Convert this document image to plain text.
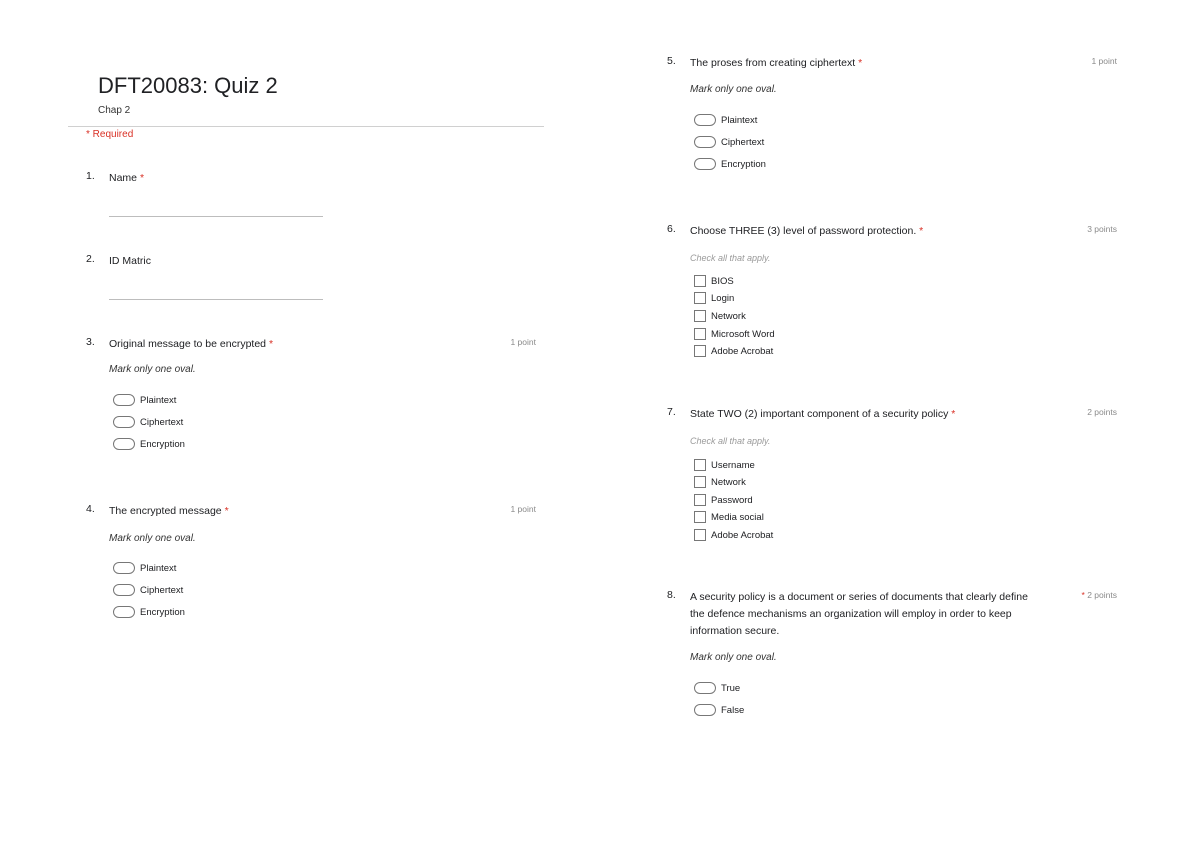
DFT20083: Quiz 2
Chap 2
* Required
1. Name *
2. ID Matric
3. Original message to be encrypted *	1 point
Mark only one oval.
Plaintext
Ciphertext
Encryption
4. The encrypted message *	1 point
Mark only one oval.
Plaintext
Ciphertext
Encryption
5. The proses from creating ciphertext *	1 point
Mark only one oval.
Plaintext
Ciphertext
Encryption
6. Choose THREE (3) level of password protection. *	3 points
Check all that apply.
BIOS
Login
Network
Microsoft Word
Adobe Acrobat
7. State TWO (2) important component of a security policy *	2 points
Check all that apply.
Username
Network
Password
Media social
Adobe Acrobat
8. A security policy is a document or series of documents that clearly define
the defence mechanisms an organization will employ in order to keep
information secure.
* 2 points
Mark only one oval.
True
False
